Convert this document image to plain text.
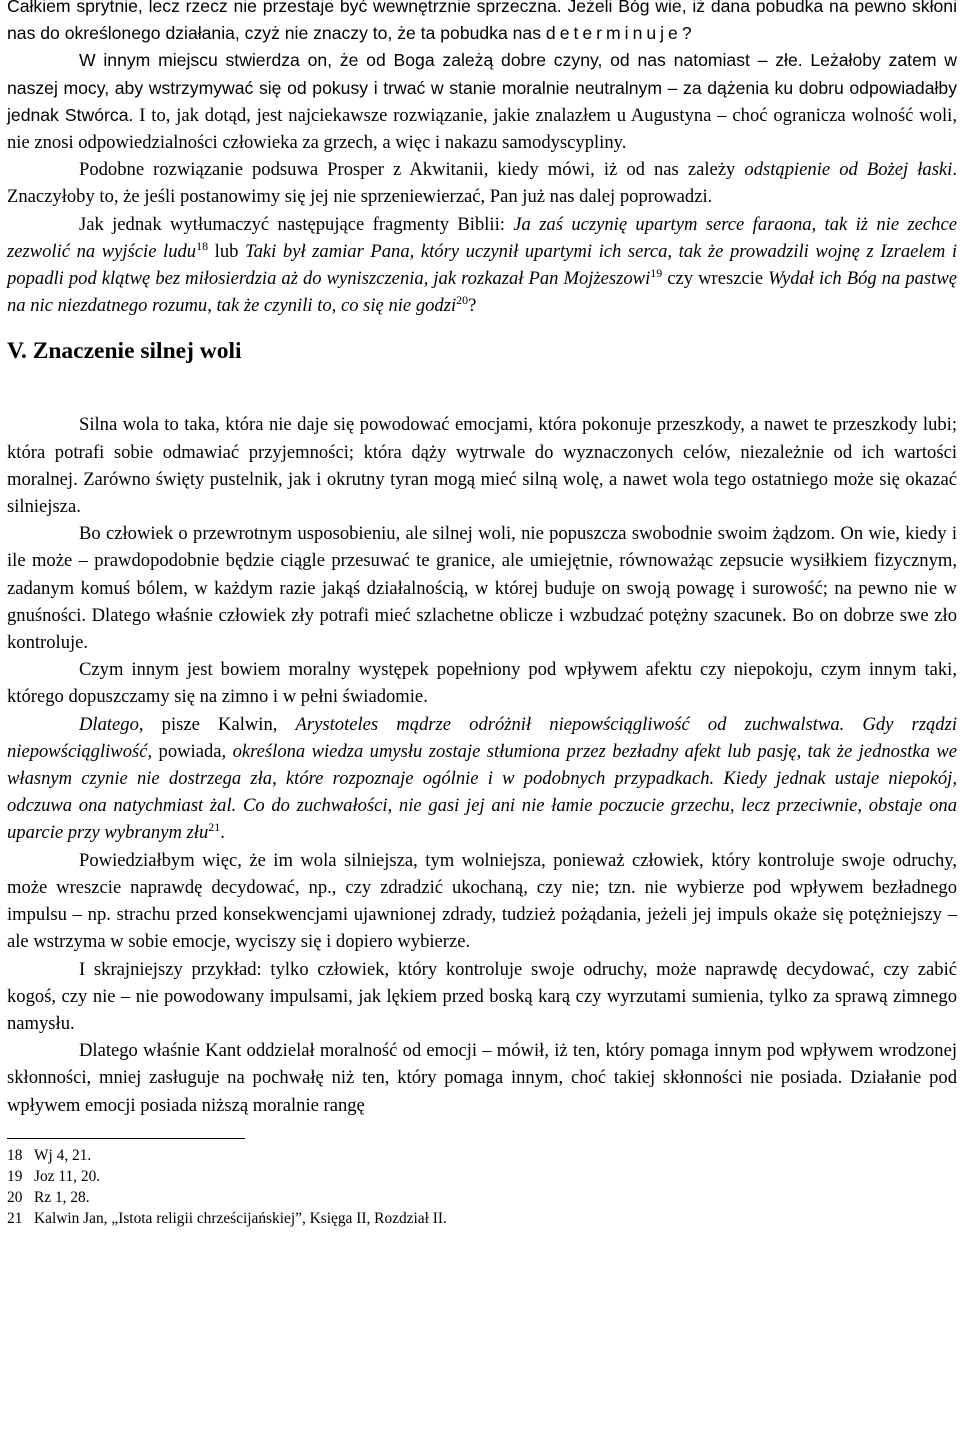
Całkiem sprytnie, lecz rzecz nie przestaje być wewnętrznie sprzeczna. Jeżeli Bóg wie, iż dana pobudka na pewno skłoni nas do określonego działania, czyż nie znaczy to, że ta pobudka nas determinuje?

W innym miejscu stwierdza on, że od Boga zależą dobre czyny, od nas natomiast – złe. Leżałoby zatem w naszej mocy, aby wstrzymywać się od pokusy i trwać w stanie moralnie neutralnym – za dążenia ku dobru odpowiadałby jednak Stwórca. I to, jak dotąd, jest najciekawsze rozwiązanie, jakie znalazłem u Augustyna – choć ogranicza wolność woli, nie znosi odpowiedzialności człowieka za grzech, a więc i nakazu samodyscypliny.

Podobne rozwiązanie podsuwa Prosper z Akwitanii, kiedy mówi, iż od nas zależy odstąpienie od Bożej łaski. Znaczyłoby to, że jeśli postanowimy się jej nie sprzeniewierzać, Pan już nas dalej poprowadzi.

Jak jednak wytłumaczyć następujące fragmenty Biblii: Ja zaś uczynię upartym serce faraona, tak iż nie zechce zezwolić na wyjście ludu$^{18}$ lub Taki był zamiar Pana, który uczynił upartymi ich serca, tak że prowadzili wojnę z Izraelem i popadli pod klątwę bez miłosierdzia aż do wyniszczenia, jak rozkazał Pan Mojżeszowi$^{19}$ czy wreszcie Wydał ich Bóg na pastwę na nic niezdatnego rozumu, tak że czynili to, co się nie godzi$^{20}$?

V. Znaczenie silnej woli

Silna wola to taka, która nie daje się powodować emocjami, która pokonuje przeszkody, a nawet te przeszkody lubi; która potrafi sobie odmawiać przyjemności; która dąży wytrwale do wyznaczonych celów, niezależnie od ich wartości moralnej. Zarówno święty pustelnik, jak i okrutny tyran mogą mieć silną wolę, a nawet wola tego ostatniego może się okazać silniejsza.

Bo człowiek o przewrotnym usposobieniu, ale silnej woli, nie popuszcza swobodnie swoim żądzom. On wie, kiedy i ile może – prawdopodobnie będzie ciągle przesuwać te granice, ale umiejętnie, równoważąc zepsucie wysiłkiem fizycznym, zadanym komuś bólem, w każdym razie jakąś działalnością, w której buduje on swoją powagę i surowość; na pewno nie w gnuśności. Dlatego właśnie człowiek zły potrafi mieć szlachetne oblicze i wzbudzać potężny szacunek. Bo on dobrze swe zło kontroluje.

Czym innym jest bowiem moralny występek popełniony pod wpływem afektu czy niepokoju, czym innym taki, którego dopuszczamy się na zimno i w pełni świadomie.

Dlatego, pisze Kalwin, Arystoteles mądrze odróżnił niepowściągliwość od zuchwalstwa. Gdy rządzi niepowściągliwość, powiada, określona wiedza umysłu zostaje stłumiona przez bezładny afekt lub pasję, tak że jednostka we własnym czynie nie dostrzega zła, które rozpoznaje ogólnie i w podobnych przypadkach. Kiedy jednak ustaje niepokój, odczuwa ona natychmiast żal. Co do zuchwałości, nie gasi jej ani nie łamie poczucie grzechu, lecz przeciwnie, obstaje ona uparcie przy wybranym złu$^{21}$.

Powiedziałbym więc, że im wola silniejsza, tym wolniejsza, ponieważ człowiek, który kontroluje swoje odruchy, może wreszcie naprawdę decydować, np., czy zdradzić ukochaną, czy nie; tzn. nie wybierze pod wpływem bezładnego impulsu – np. strachu przed konsekwencjami ujawnionej zdrady, tudzież pożądania, jeżeli jej impuls okaże się potężniejszy – ale wstrzyma w sobie emocje, wyciszy się i dopiero wybierze.

I skrajniejszy przykład: tylko człowiek, który kontroluje swoje odruchy, może naprawdę decydować, czy zabić kogoś, czy nie – nie powodowany impulsami, jak lękiem przed boską karą czy wyrzutami sumienia, tylko za sprawą zimnego namysłu.

Dlatego właśnie Kant oddzielał moralność od emocji – mówił, iż ten, który pomaga innym pod wpływem wrodzonej skłonności, mniej zasługuje na pochwałę niż ten, który pomaga innym, choć takiej skłonności nie posiada. Działanie pod wpływem emocji posiada niższą moralnie rangę

18 Wj 4, 21.

19 Joz 11, 20.

20 Rz 1, 28.

21 Kalwin Jan, „Istota religii chrześcijańskiej”, Księga II, Rozdział II.
